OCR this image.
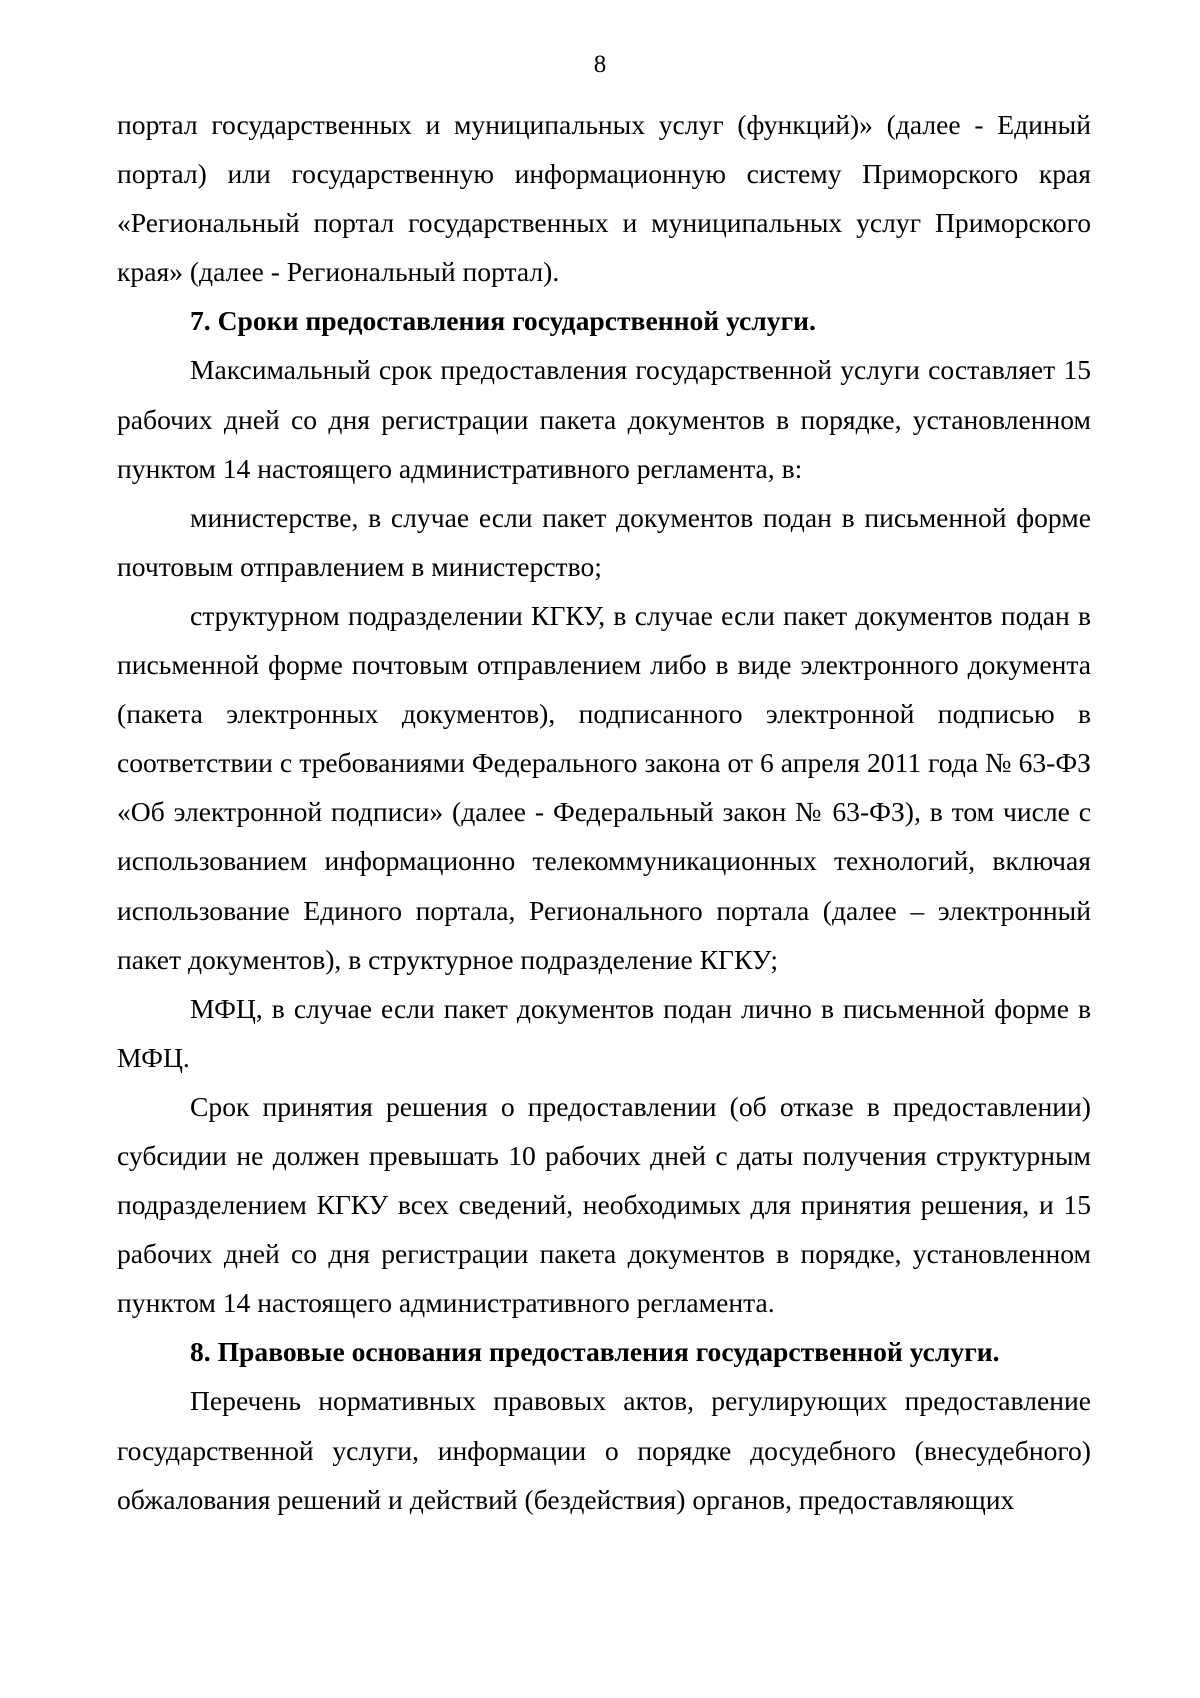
8

портал государственных и муниципальных услуг (функций)» (далее - Единый портал) или государственную информационную систему Приморского края «Региональный портал государственных и муниципальных услуг Приморского края» (далее - Региональный портал).

7. Сроки предоставления государственной услуги.

Максимальный срок предоставления государственной услуги составляет 15 рабочих дней со дня регистрации пакета документов в порядке, установленном пунктом 14 настоящего административного регламента, в:

министерстве, в случае если пакет документов подан в письменной форме почтовым отправлением в министерство;

структурном подразделении КГКУ, в случае если пакет документов подан в письменной форме почтовым отправлением либо в виде электронного документа (пакета электронных документов), подписанного электронной подписью в соответствии с требованиями Федерального закона от 6 апреля 2011 года № 63-ФЗ «Об электронной подписи» (далее - Федеральный закон № 63-ФЗ), в том числе с использованием информационно телекоммуникационных технологий, включая использование Единого портала, Регионального портала (далее – электронный пакет документов), в структурное подразделение КГКУ;

МФЦ, в случае если пакет документов подан лично в письменной форме в МФЦ.

Срок принятия решения о предоставлении (об отказе в предоставлении) субсидии не должен превышать 10 рабочих дней с даты получения структурным подразделением КГКУ всех сведений, необходимых для принятия решения, и 15 рабочих дней со дня регистрации пакета документов в порядке, установленном пунктом 14 настоящего административного регламента.

8. Правовые основания предоставления государственной услуги.

Перечень нормативных правовых актов, регулирующих предоставление государственной услуги, информации о порядке досудебного (внесудебного) обжалования решений и действий (бездействия) органов, предоставляющих
